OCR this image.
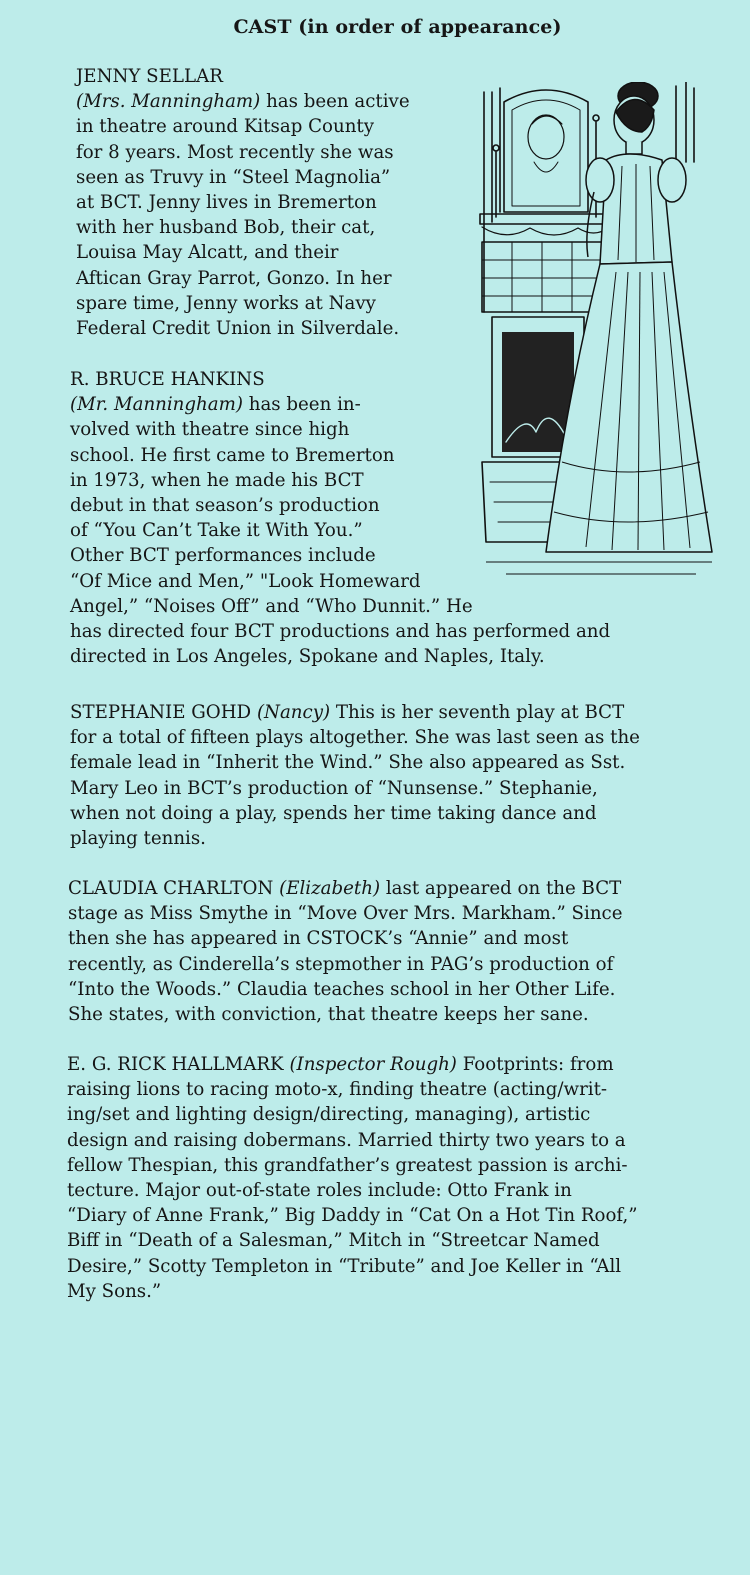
CAST (in order of appearance)
JENNY SELLAR
(Mrs. Manningham) has been active
in theatre around Kitsap County
for 8 years. Most recently she was
seen as Truvy in “Steel Magnolia”
at BCT. Jenny lives in Bremerton
with her husband Bob, their cat,
Louisa May Alcatt, and their
Aftican Gray Parrot, Gonzo. In her
spare time, Jenny works at Navy
Federal Credit Union in Silverdale.
R. BRUCE HANKINS
(Mr. Manningham) has been in-
volved with theatre since high
school. He first came to Bremerton
in 1973, when he made his BCT
debut in that season’s production
of “You Can’t Take it With You.”
Other BCT performances include
“Of Mice and Men,” "Look Homeward
Angel,” “Noises Off” and “Who Dunnit.” He
has directed four BCT productions and has performed and
directed in Los Angeles, Spokane and Naples, Italy.
STEPHANIE GOHD (Nancy) This is her seventh play at BCT
for a total of fifteen plays altogether. She was last seen as the
female lead in “Inherit the Wind.” She also appeared as Sst.
Mary Leo in BCT’s production of “Nunsense.” Stephanie,
when not doing a play, spends her time taking dance and
playing tennis.
CLAUDIA CHARLTON (Elizabeth) last appeared on the BCT
stage as Miss Smythe in “Move Over Mrs. Markham.” Since
then she has appeared in CSTOCK’s “Annie” and most
recently, as Cinderella’s stepmother in PAG’s production of
“Into the Woods.” Claudia teaches school in her Other Life.
She states, with conviction, that theatre keeps her sane.
E. G. RICK HALLMARK (Inspector Rough) Footprints: from
raising lions to racing moto-x, finding theatre (acting/writ-
ing/set and lighting design/directing, managing), artistic
design and raising dobermans. Married thirty two years to a
fellow Thespian, this grandfather’s greatest passion is archi-
tecture. Major out-of-state roles include: Otto Frank in
“Diary of Anne Frank,” Big Daddy in “Cat On a Hot Tin Roof,”
Biff in “Death of a Salesman,” Mitch in “Streetcar Named
Desire,” Scotty Templeton in “Tribute” and Joe Keller in “All
My Sons.”
